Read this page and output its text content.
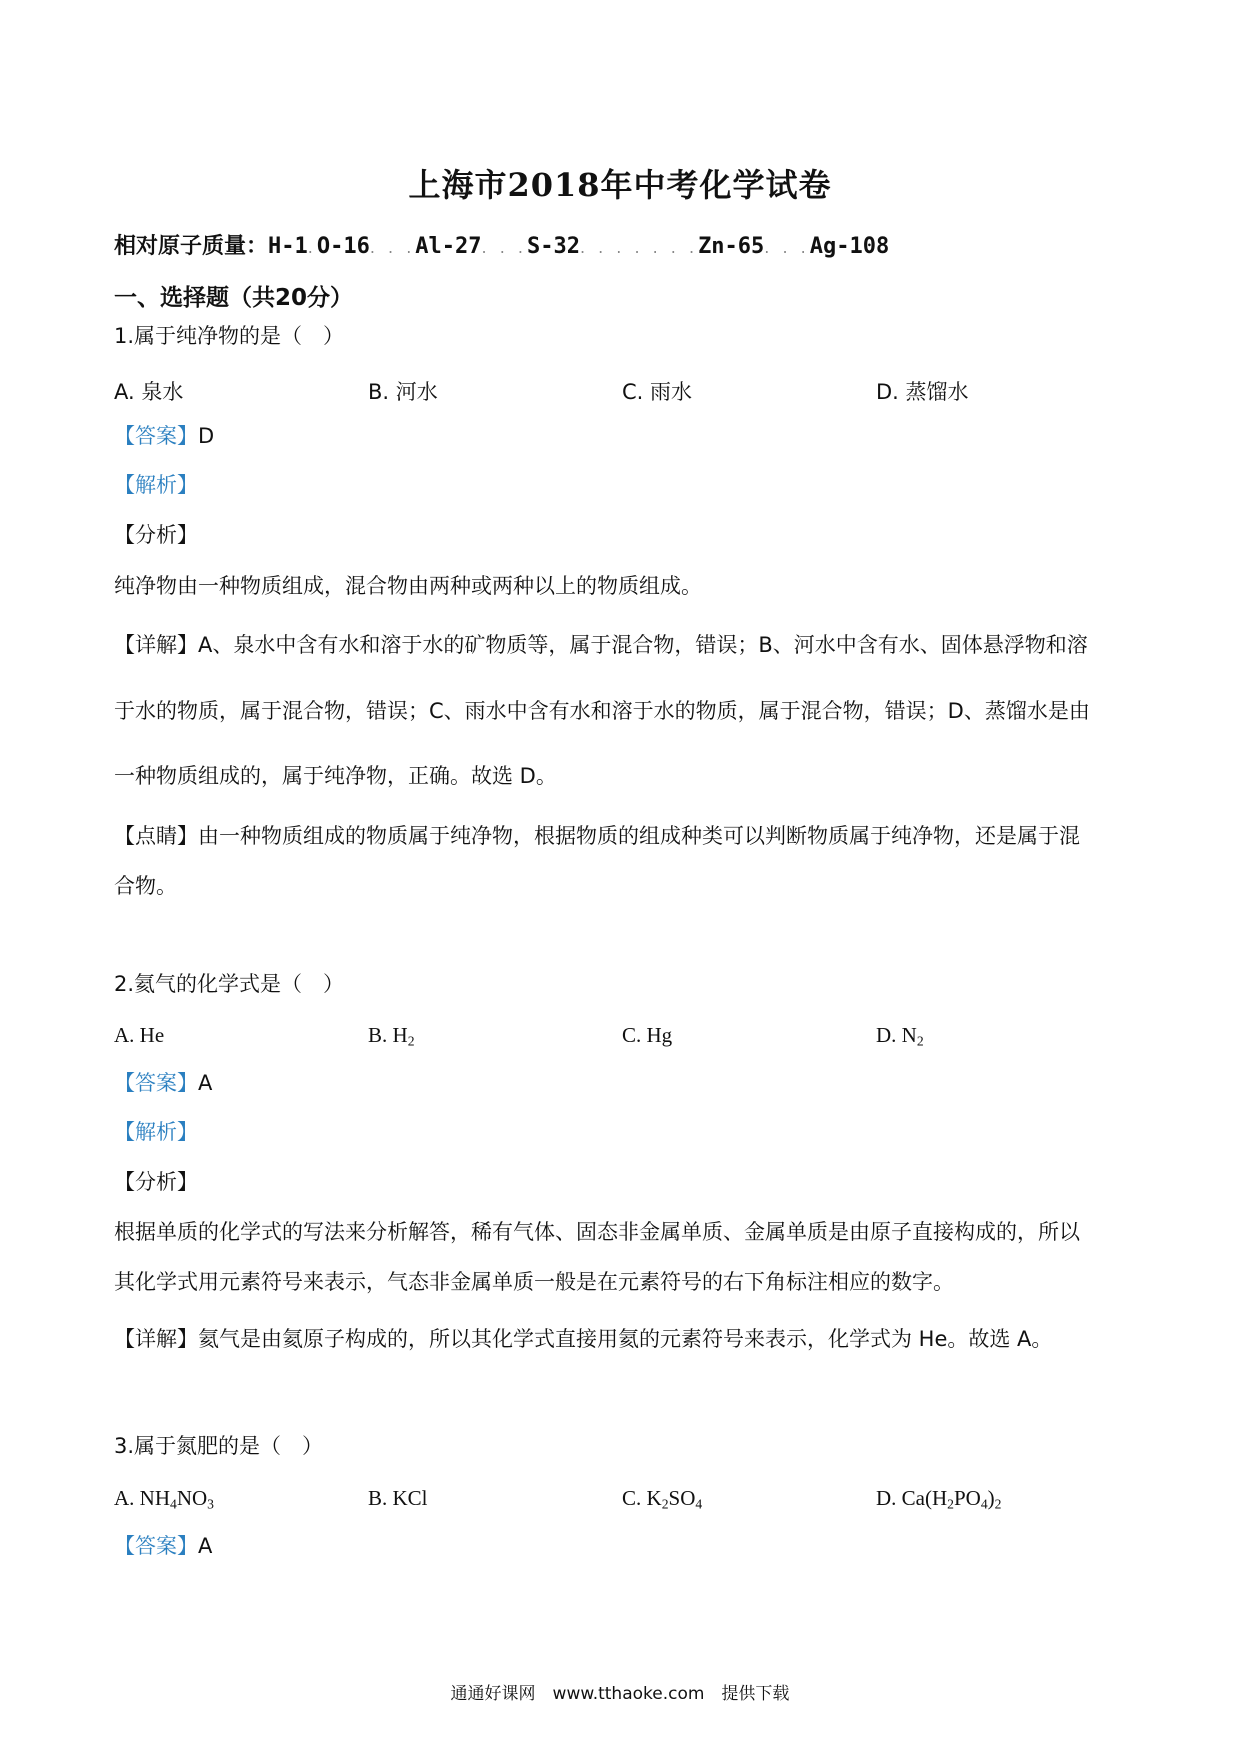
上海市2018年中考化学试卷
相对原子质量：H-1.O-16. . .Al-27. . .S-32. . . . . . .Zn-65. . .Ag-108
一、选择题（共20分）
1.属于纯净物的是（　）
A. 泉水	B. 河水	C. 雨水	D. 蒸馏水
【答案】D
【解析】
【分析】
纯净物由一种物质组成，混合物由两种或两种以上的物质组成。
【详解】A、泉水中含有水和溶于水的矿物质等，属于混合物，错误；B、河水中含有水、固体悬浮物和溶
于水的物质，属于混合物，错误；C、雨水中含有水和溶于水的物质，属于混合物，错误；D、蒸馏水是由
一种物质组成的，属于纯净物，正确。故选 D。
【点睛】由一种物质组成的物质属于纯净物，根据物质的组成种类可以判断物质属于纯净物，还是属于混
合物。
2.氦气的化学式是（　）
A. He	B. $H_2$	C. Hg	D. $N_2$
【答案】A
【解析】
【分析】
根据单质的化学式的写法来分析解答，稀有气体、固态非金属单质、金属单质是由原子直接构成的，所以
其化学式用元素符号来表示，气态非金属单质一般是在元素符号的右下角标注相应的数字。
【详解】氦气是由氦原子构成的，所以其化学式直接用氦的元素符号来表示，化学式为 He。故选 A。
3.属于氮肥的是（　）
A. $NH_4NO_3$	B. KCl	C. $K_2SO_4$	D. $Ca(H_2PO_4)_2$
【答案】A
通通好课网　www.tthaoke.com　提供下载
